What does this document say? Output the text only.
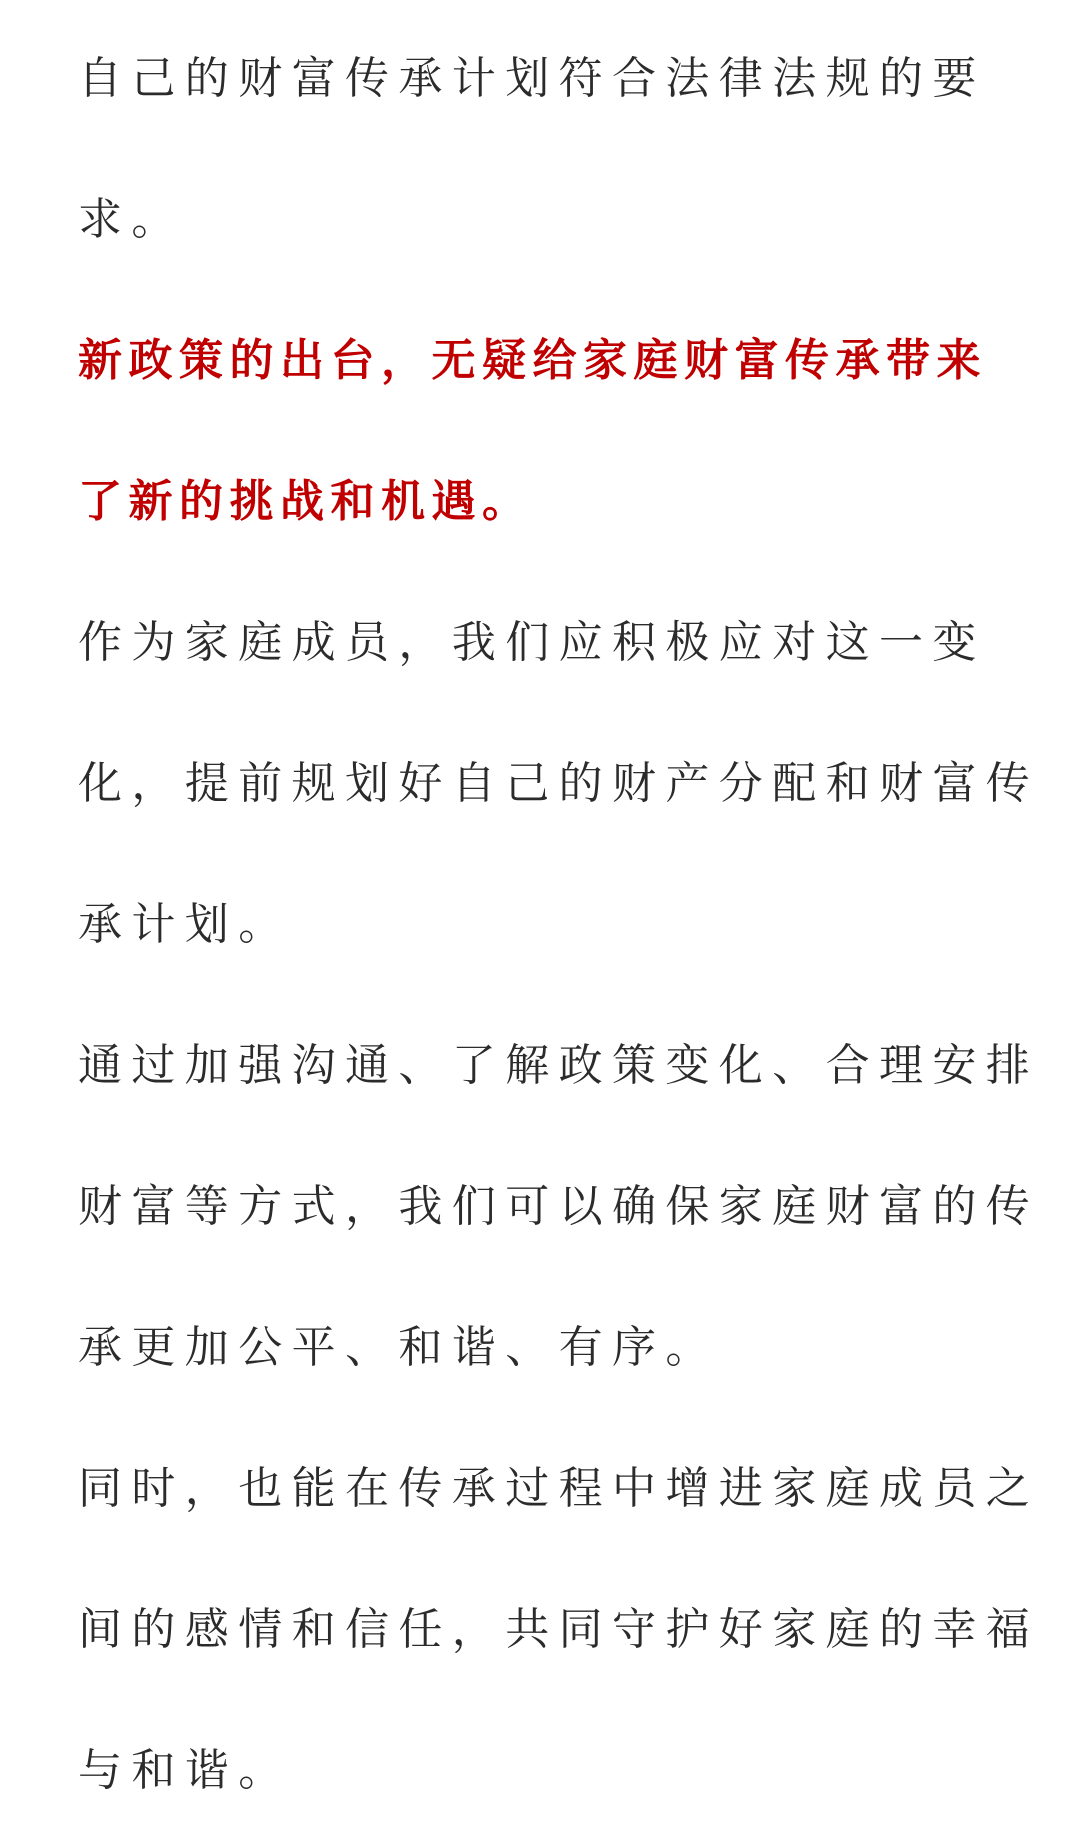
自己的财富传承计划符合法律法规的要
求。

新政策的出台，无疑给家庭财富传承带来
了新的挑战和机遇。

作为家庭成员，我们应积极应对这一变
化，提前规划好自己的财产分配和财富传
承计划。

通过加强沟通、了解政策变化、合理安排
财富等方式，我们可以确保家庭财富的传
承更加公平、和谐、有序。

同时，也能在传承过程中增进家庭成员之
间的感情和信任，共同守护好家庭的幸福
与和谐。
